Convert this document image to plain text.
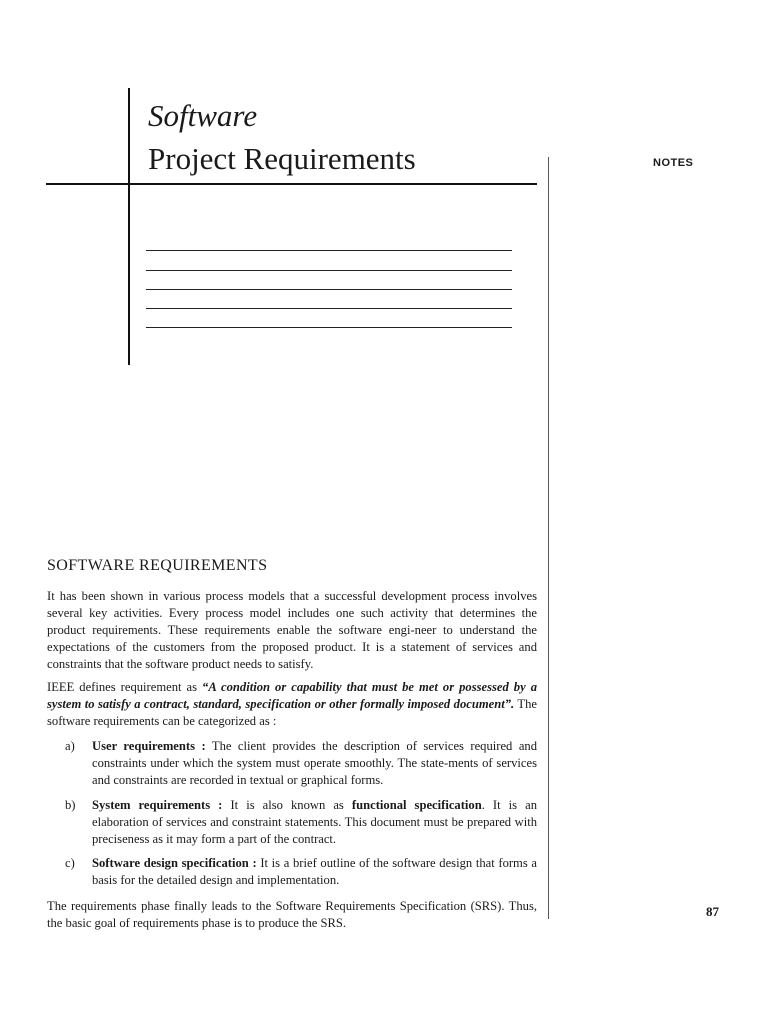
Software
Project Requirements	NOTES
87
SOFTWARE REQUIREMENTS
It has been shown in various process models that a successful development process involves several key activities. Every process model includes one such activity that determines the product requirements. These requirements enable the software engi-neer to understand the expectations of the customers from the proposed product. It is a statement of services and constraints that the software product needs to satisfy.
IEEE defines requirement as “A condition or capability that must be met or possessed by a system to satisfy a contract, standard, specification or other formally imposed document”. The software requirements can be categorized as :
a) User requirements : The client provides the description of services required and constraints under which the system must operate smoothly. The state-ments of services and constraints are recorded in textual or graphical forms.
b) System requirements : It is also known as functional specification. It is an elaboration of services and constraint statements. This document must be prepared with preciseness as it may form a part of the contract.
c) Software design specification : It is a brief outline of the software design that forms a basis for the detailed design and implementation.
The requirements phase finally leads to the Software Requirements Specification (SRS). Thus, the basic goal of requirements phase is to produce the SRS.
